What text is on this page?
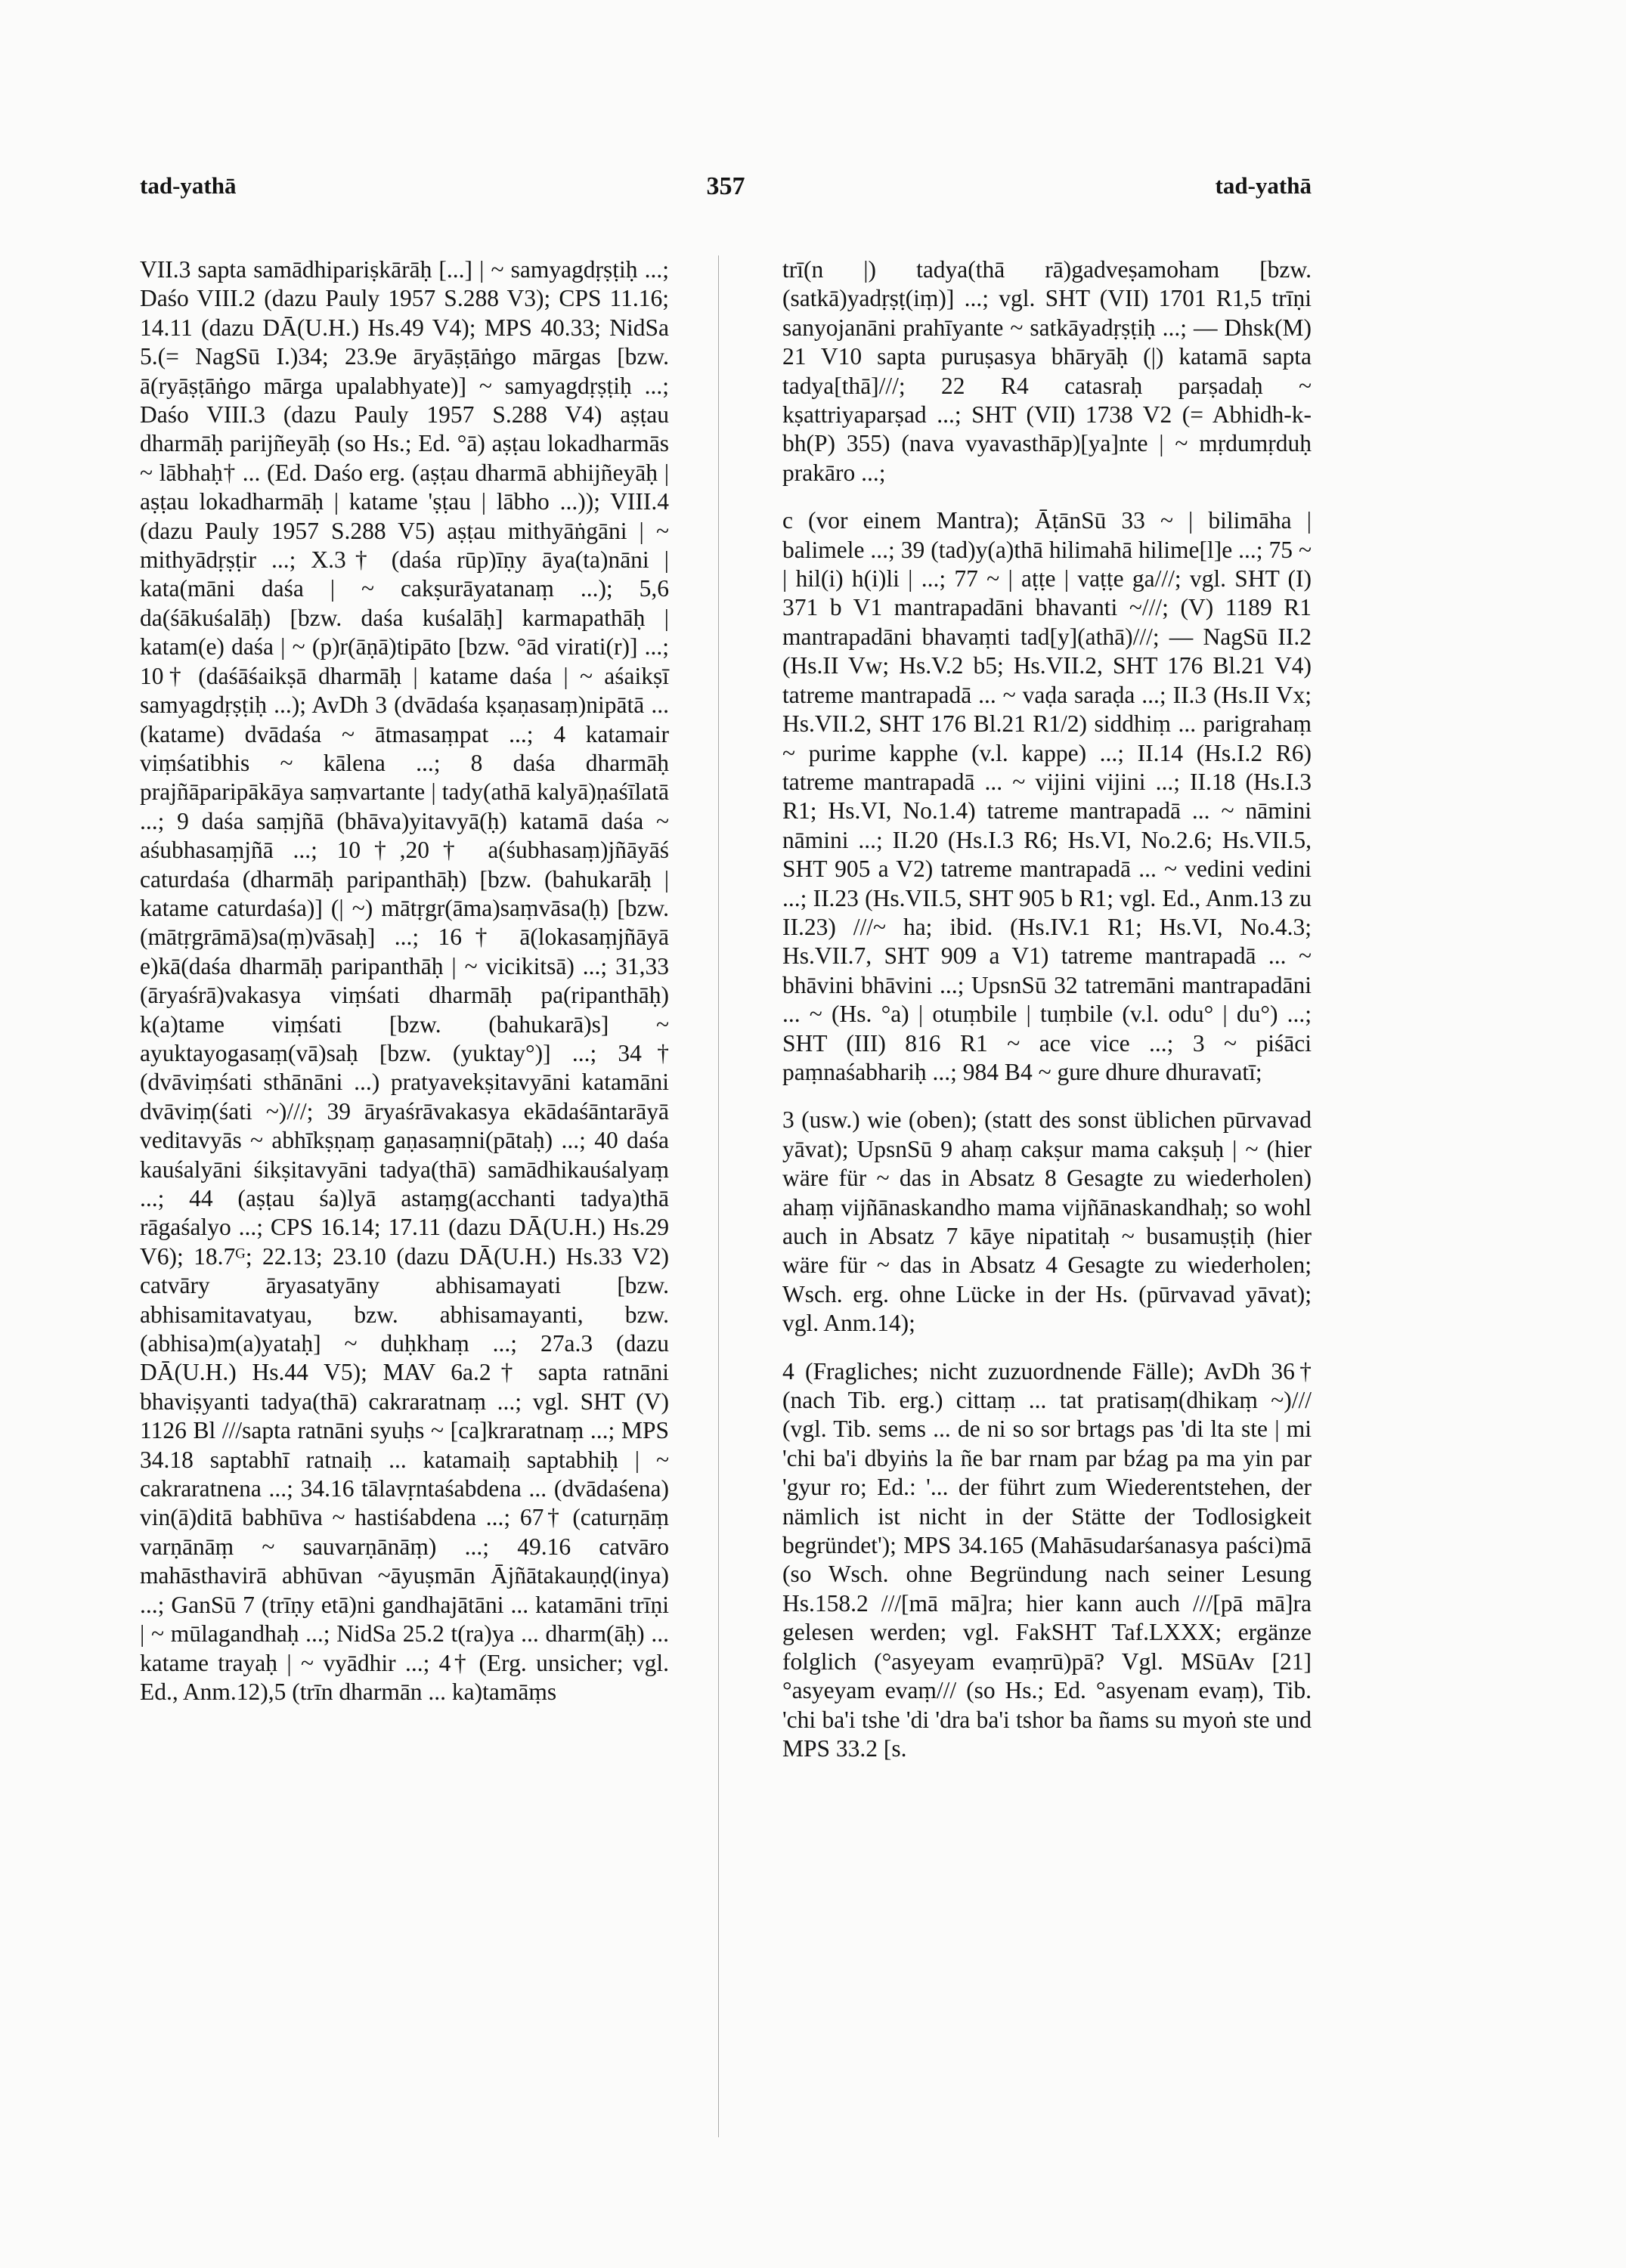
tad-yathā	357	tad-yathā

VII.3 sapta samādhipariṣkārāḥ [...] | ~ samyagdṛṣṭiḥ ...; Daśo VIII.2 (dazu Pauly 1957 S.288 V3); CPS 11.16; 14.11 (dazu DĀ(U.H.) Hs.49 V4); MPS 40.33; NidSa 5.(= NagSū I.)34; 23.9e āryāṣṭāṅgo mārgas [bzw. ā(ryāṣṭāṅgo mārga upalabhyate)] ~ samyagdṛṣṭiḥ ...; Daśo VIII.3 (dazu Pauly 1957 S.288 V4) aṣṭau dharmāḥ parijñeyāḥ (so Hs.; Ed. °ā) aṣṭau lokadharmās ~ lābhaḥ† ... (Ed. Daśo erg. (aṣṭau dharmā abhijñeyāḥ | aṣṭau lokadharmāḥ | katame 'ṣṭau | lābho ...)); VIII.4 (dazu Pauly 1957 S.288 V5) aṣṭau mithyāṅgāni | ~ mithyādṛṣṭir ...; X.3† (daśa rūp)īṇy āya(ta)nāni | kata(māni daśa | ~ cakṣurāyatanaṃ ...); 5,6 da(śākuśalāḥ) [bzw. daśa kuśalāḥ] karmapathāḥ | katam(e) daśa | ~ (p)r(āṇā)tipāto [bzw. °ād virati(r)] ...; 10† (daśāśaikṣā dharmāḥ | katame daśa | ~ aśaikṣī samyagdṛṣṭiḥ ...); AvDh 3 (dvādaśa kṣaṇasaṃ)nipātā ... (katame) dvādaśa ~ ātmasaṃpat ...; 4 katamair viṃśatibhis ~ kālena ...; 8 daśa dharmāḥ prajñāparipākāya saṃvartante | tady(athā kalyā)ṇaśīlatā ...; 9 daśa saṃjñā (bhāva)yitavyā(ḥ) katamā daśa ~ aśubhasaṃjñā ...; 10†,20† a(śubhasaṃ)jñāyāś caturdaśa (dharmāḥ paripanthāḥ) [bzw. (bahukarāḥ | katame caturdaśa)] (| ~) mātṛgr(āma)saṃvāsa(ḥ) [bzw. (mātṛgrāmā)sa(ṃ)vāsaḥ] ...; 16† ā(lokasaṃjñāyā e)kā(daśa dharmāḥ paripanthāḥ | ~ vicikitsā) ...; 31,33 (āryaśrā)vakasya viṃśati dharmāḥ pa(ripanthāḥ) k(a)tame viṃśati [bzw. (bahukarā)s] ~ ayuktayogasaṃ(vā)saḥ [bzw. (yuktay°)] ...; 34† (dvāviṃśati sthānāni ...) pratyavekṣitavyāni katamāni dvāviṃ(śati ~)///; 39 āryaśrāvakasya ekādaśāntarāyā veditavyās ~ abhīkṣṇaṃ gaṇasaṃni(pātaḥ) ...; 40 daśa kauśalyāni śikṣitavyāni tadya(thā) samādhikauśalyaṃ ...; 44 (aṣṭau śa)lyā astaṃg(acchanti tadya)thā rāgaśalyo ...; CPS 16.14; 17.11 (dazu DĀ(U.H.) Hs.29 V6); 18.7ᴳ; 22.13; 23.10 (dazu DĀ(U.H.) Hs.33 V2) catvāry āryasatyāny abhisamayati [bzw. abhisamitavatyau, bzw. abhisamayanti, bzw. (abhisa)m(a)yataḥ] ~ duḥkhaṃ ...; 27a.3 (dazu DĀ(U.H.) Hs.44 V5); MAV 6a.2† sapta ratnāni bhaviṣyanti tadya(thā) cakraratnaṃ ...; vgl. SHT (V) 1126 Bl ///sapta ratnāni syuḥs ~ [ca]kraratnaṃ ...; MPS 34.18 saptabhī ratnaiḥ ... katamaiḥ saptabhiḥ | ~ cakraratnena ...; 34.16 tālavṛntaśabdena ... (dvādaśena) vin(ā)ditā babhūva ~ hastiśabdena ...; 67† (caturṇāṃ varṇānāṃ ~ sauvarṇānāṃ) ...; 49.16 catvāro mahāsthavirā abhūvan ~āyuṣmān Ājñātakauṇḍ(inya) ...; GanSū 7 (trīṇy etā)ni gandhajātāni ... katamāni trīṇi | ~ mūlagandhaḥ ...; NidSa 25.2 t(ra)ya ... dharm(āḥ) ... katame trayaḥ | ~ vyādhir ...; 4† (Erg. unsicher; vgl. Ed., Anm.12),5 (trīn dharmān ... ka)tamāṃs

trī(n |) tadya(thā rā)gadveṣamoham [bzw. (satkā)yadṛṣṭ(iṃ)] ...; vgl. SHT (VII) 1701 R1,5 trīṇi sanyojanāni prahīyante ~ satkāyadṛṣṭiḥ ...; — Dhsk(M) 21 V10 sapta puruṣasya bhāryāḥ (|) katamā sapta tadya[thā]///; 22 R4 catasraḥ parṣadaḥ ~ kṣattriyaparṣad ...; SHT (VII) 1738 V2 (= Abhidh-k-bh(P) 355) (nava vyavasthāp)[ya]nte | ~ mṛdumṛduḥ prakāro ...;

c (vor einem Mantra); ĀṭānSū 33 ~ | bilimāha | balimele ...; 39 (tad)y(a)thā hilimahā hilime[l]e ...; 75 ~ | hil(i) h(i)li | ...; 77 ~ | aṭṭe | vaṭṭe ga///; vgl. SHT (I) 371 b V1 mantrapadāni bhavanti ~///; (V) 1189 R1 mantrapadāni bhavaṃti tad[y](athā)///; — NagSū II.2 (Hs.II Vw; Hs.V.2 b5; Hs.VII.2, SHT 176 Bl.21 V4) tatreme mantrapadā ... ~ vaḍa saraḍa ...; II.3 (Hs.II Vx; Hs.VII.2, SHT 176 Bl.21 R1/2) siddhiṃ ... parigrahaṃ ~ purime kapphe (v.l. kappe) ...; II.14 (Hs.I.2 R6) tatreme mantrapadā ... ~ vijini vijini ...; II.18 (Hs.I.3 R1; Hs.VI, No.1.4) tatreme mantrapadā ... ~ nāmini nāmini ...; II.20 (Hs.I.3 R6; Hs.VI, No.2.6; Hs.VII.5, SHT 905 a V2) tatreme mantrapadā ... ~ vedini vedini ...; II.23 (Hs.VII.5, SHT 905 b R1; vgl. Ed., Anm.13 zu II.23) ///~ ha; ibid. (Hs.IV.1 R1; Hs.VI, No.4.3; Hs.VII.7, SHT 909 a V1) tatreme mantrapadā ... ~ bhāvini bhāvini ...; UpsnSū 32 tatremāni mantrapadāni ... ~ (Hs. °a) | otuṃbile | tuṃbile (v.l. odu° | du°) ...; SHT (III) 816 R1 ~ ace vice ...; 3 ~ piśāci paṃnaśabhariḥ ...; 984 B4 ~ gure dhure dhuravatī;

3 (usw.) wie (oben); (statt des sonst üblichen pūrvavad yāvat); UpsnSū 9 ahaṃ cakṣur mama cakṣuḥ | ~ (hier wäre für ~ das in Absatz 8 Gesagte zu wiederholen) ahaṃ vijñānaskandho mama vijñānaskandhaḥ; so wohl auch in Absatz 7 kāye nipatitaḥ ~ busamuṣṭiḥ (hier wäre für ~ das in Absatz 4 Gesagte zu wiederholen; Wsch. erg. ohne Lücke in der Hs. (pūrvavad yāvat); vgl. Anm.14);

4 (Fragliches; nicht zuzuordnende Fälle); AvDh 36† (nach Tib. erg.) cittaṃ ... tat pratisaṃ(dhikaṃ ~)/// (vgl. Tib. sems ... de ni so sor brtags pas 'di lta ste | mi 'chi ba'i dbyiṅs la ñe bar rnam par bźag pa ma yin par 'gyur ro; Ed.: '... der führt zum Wiederentstehen, der nämlich ist nicht in der Stätte der Todlosigkeit begründet'); MPS 34.165 (Mahāsudarśanasya paści)mā (so Wsch. ohne Begründung nach seiner Lesung Hs.158.2 ///[mā mā]ra; hier kann auch ///[pā mā]ra gelesen werden; vgl. FakSHT Taf.LXXX; ergänze folglich (°asyeyam evaṃrū)pā? Vgl. MSūAv [21] °asyeyam evaṃ/// (so Hs.; Ed. °asyenam evaṃ), Tib. 'chi ba'i tshe 'di 'dra ba'i tshor ba ñams su myoṅ ste und MPS 33.2 [s.
